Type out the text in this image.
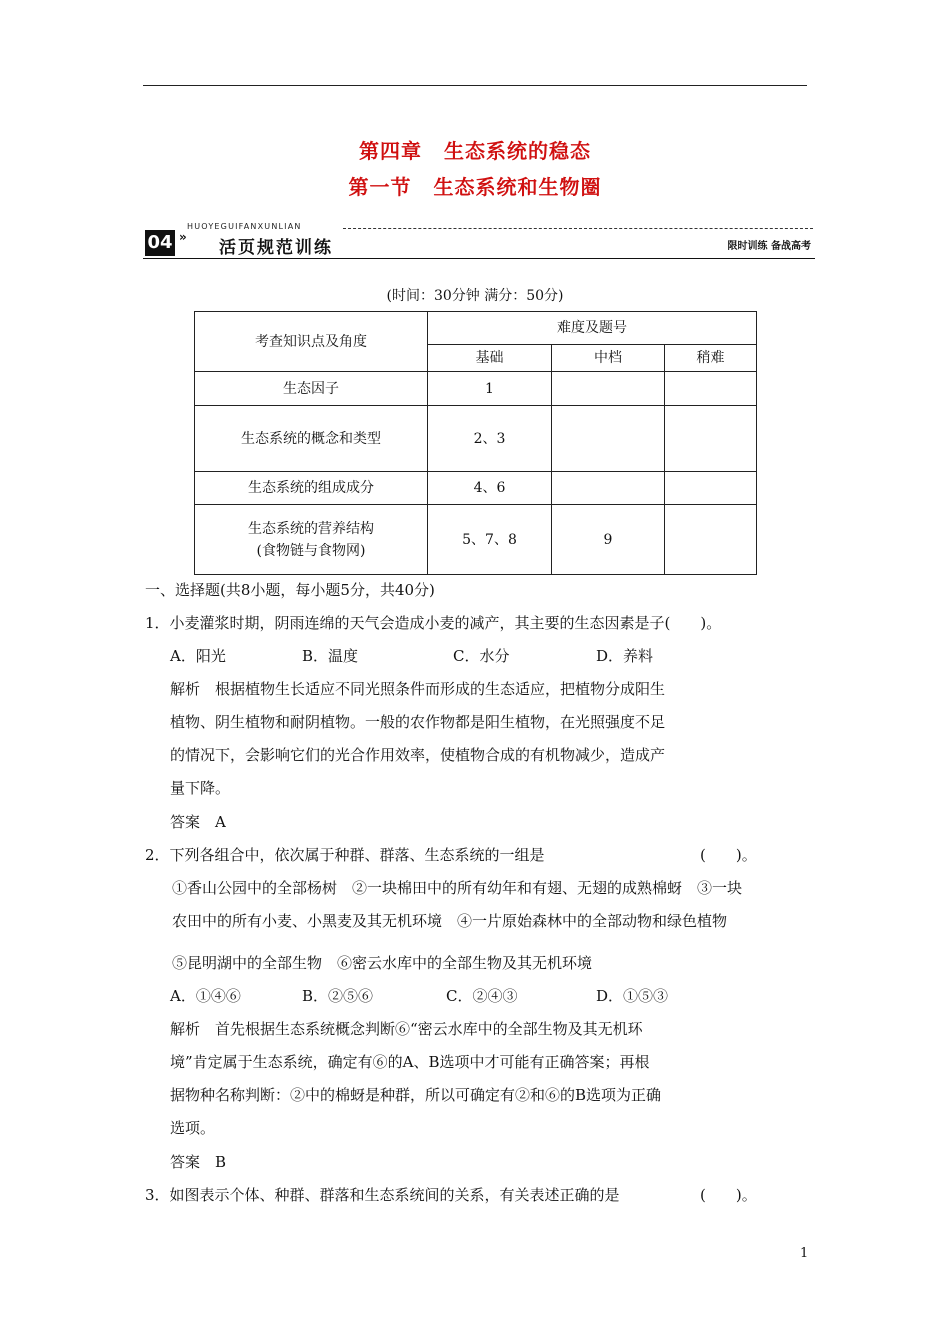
第四章 生态系统的稳态
第一节 生态系统和生物圈
HUOYEGUIFANXUNLIAN
04 »
活页规范训练	限时训练 备战高考
(时间：30分钟 满分：50分)
考查知识点及角度	难度及题号		
	基础	中档	稍难
生态因子	1		
生态系统的概念和类型	2、3		
生态系统的组成成分	4、6		

生态系统的营养结构
(食物链与食物网)	5、7、8	9	
一、选择题(共8小题，每小题5分，共40分)
1．小麦灌浆时期，阴雨连绵的天气会造成小麦的减产，其主要的生态因素是子(　　)。
A．阳光	B．温度	C．水分	D．养料
解析　根据植物生长适应不同光照条件而形成的生态适应，把植物分成阳生
植物、阴生植物和耐阴植物。一般的农作物都是阳生植物，在光照强度不足
的情况下，会影响它们的光合作用效率，使植物合成的有机物减少，造成产
量下降。
答案　A
2．下列各组合中，依次属于种群、群落、生态系统的一组是	(　　)。
①香山公园中的全部杨树　②一块棉田中的所有幼年和有翅、无翅的成熟棉蚜　③一块
农田中的所有小麦、小黑麦及其无机环境　④一片原始森林中的全部动物和绿色植物
⑤昆明湖中的全部生物　⑥密云水库中的全部生物及其无机环境
A．①④⑥	B．②⑤⑥	C．②④③	D．①⑤③
解析　首先根据生态系统概念判断⑥“密云水库中的全部生物及其无机环
境”肯定属于生态系统，确定有⑥的A、B选项中才可能有正确答案；再根
据物种名称判断：②中的棉蚜是种群，所以可确定有②和⑥的B选项为正确
选项。
答案　B
3．如图表示个体、种群、群落和生态系统间的关系，有关表述正确的是	(　　)。
1
